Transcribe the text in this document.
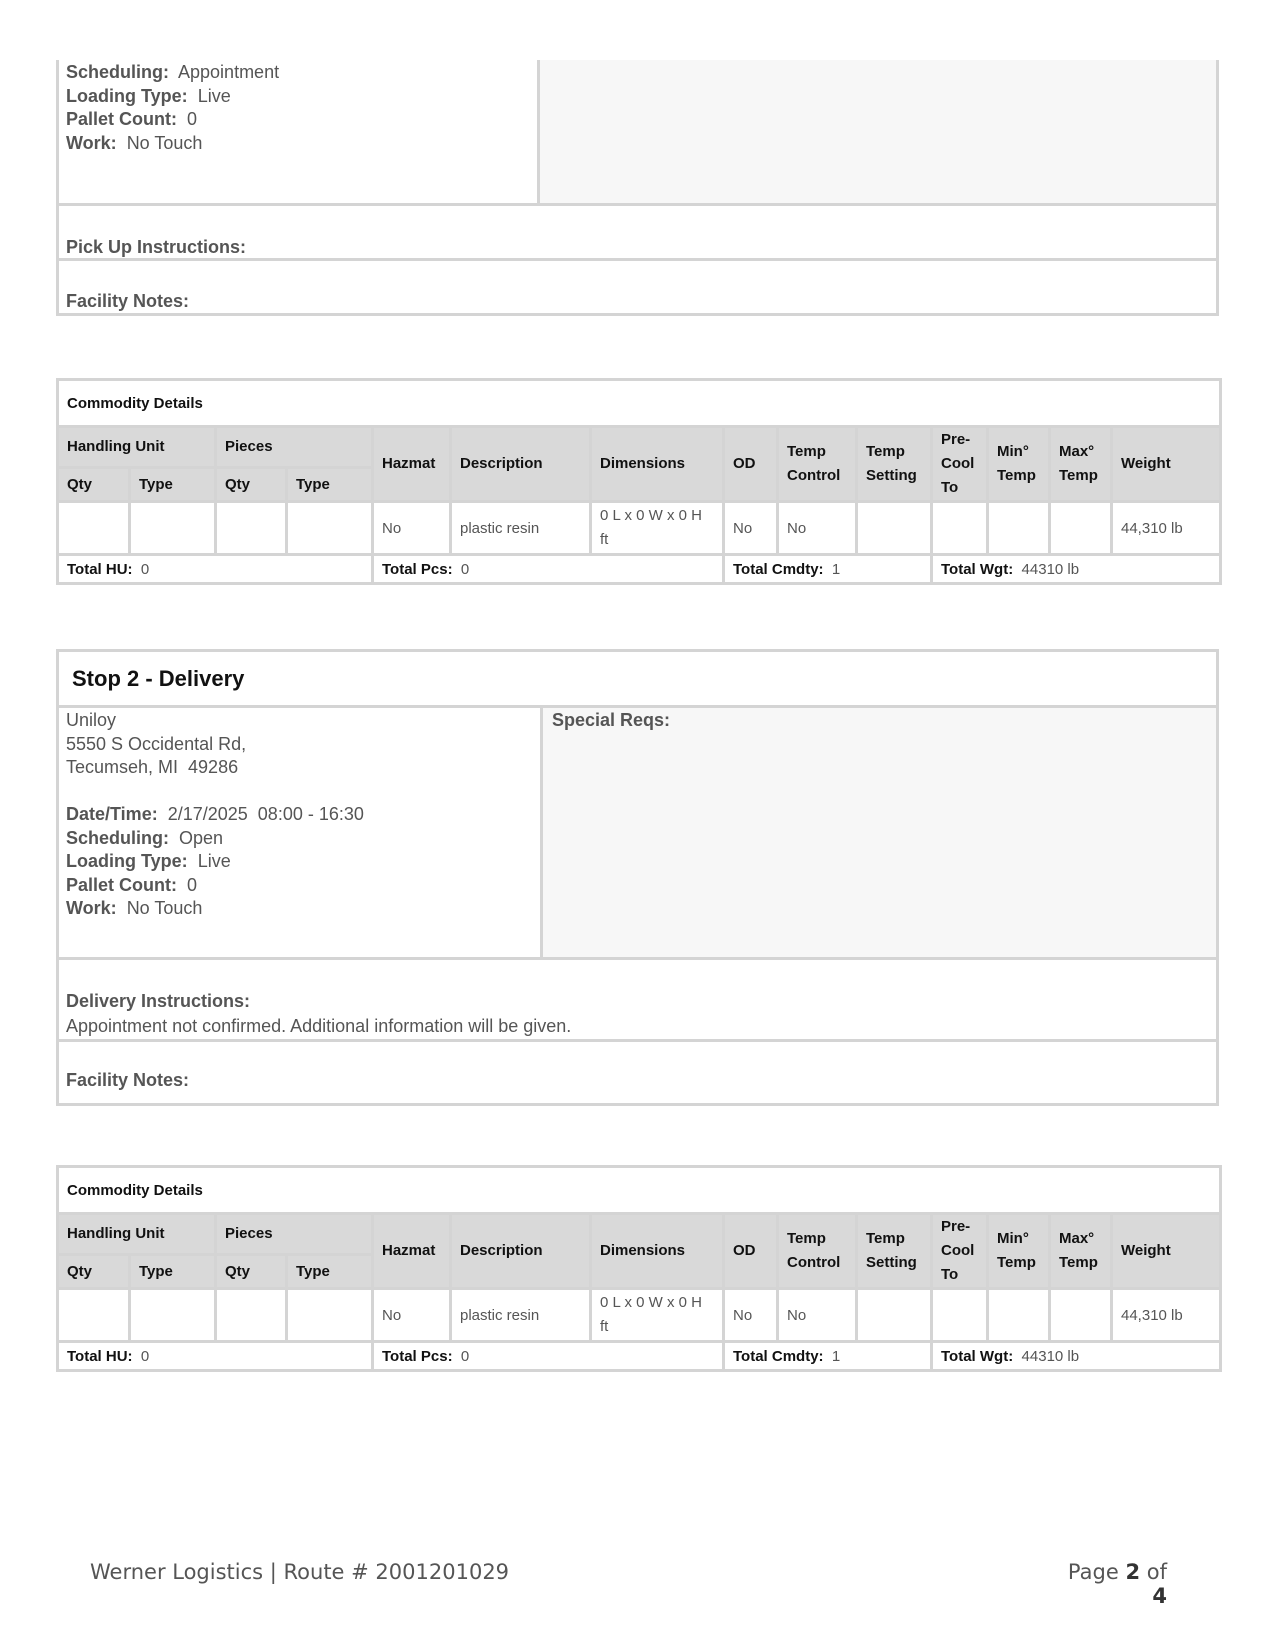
Scheduling: Appointment
Loading Type: Live
Pallet Count: 0
Work: No Touch
Pick Up Instructions:
Facility Notes:
Commodity Details													
Handling Unit		Pieces		Hazmat	Description	Dimensions	OD	Temp Control	Temp Setting	Pre- Cool To	Min° Temp	Max° Temp	Weight
Qty	Type	Qty	Type										
				No	plastic resin	0 L x 0 W x 0 H ft	No	No					44,310 lb
Total HU: 0				Total Pcs: 0			Total Cmdty: 1			Total Wgt: 44310 lb			
Stop 2 - Delivery
Uniloy
5550 S Occidental Rd,
Tecumseh, MI  49286
Date/Time: 2/17/2025  08:00 - 16:30
Scheduling: Open
Loading Type: Live
Pallet Count: 0
Work: No Touch
Special Reqs:
Delivery Instructions:
Appointment not confirmed. Additional information will be given.
Facility Notes:
Commodity Details													
Handling Unit		Pieces		Hazmat	Description	Dimensions	OD	Temp Control	Temp Setting	Pre- Cool To	Min° Temp	Max° Temp	Weight
Qty	Type	Qty	Type										
				No	plastic resin	0 L x 0 W x 0 H ft	No	No					44,310 lb
Total HU: 0				Total Pcs: 0			Total Cmdty: 1			Total Wgt: 44310 lb			
Werner Logistics | Route # 2001201029	Page 2 of 4
